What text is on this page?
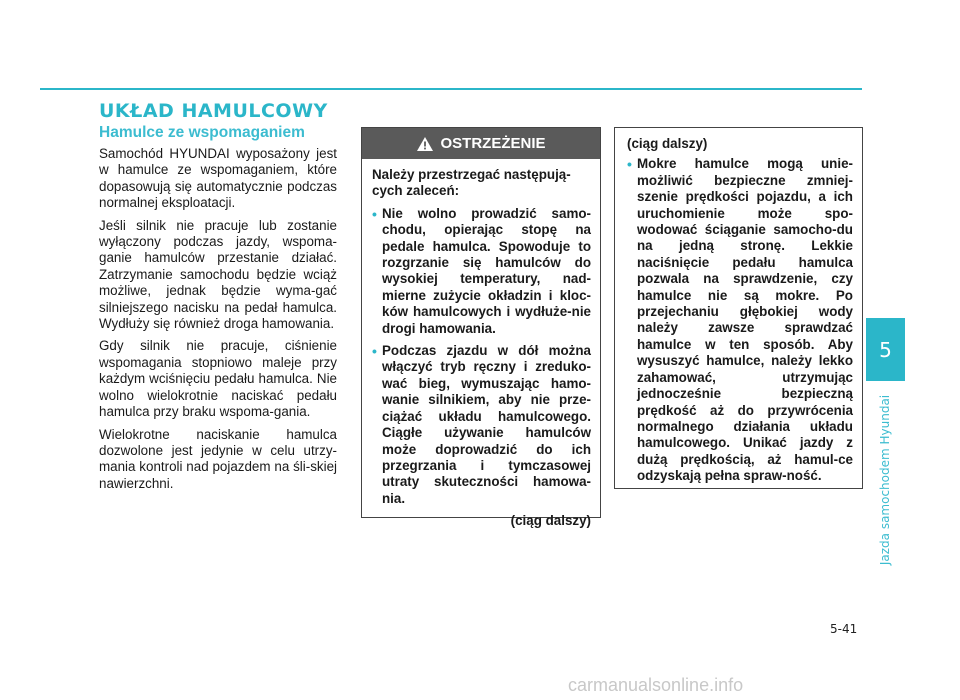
UKŁAD HAMULCOWY
Hamulce ze wspomaganiem

Samochód HYUNDAI wyposażony jest w hamulce ze wspomaganiem, które dopasowują się automatycznie podczas normalnej eksploatacji.

Jeśli silnik nie pracuje lub zostanie wyłączony podczas jazdy, wspoma-ganie hamulców przestanie działać. Zatrzymanie samochodu będzie wciąż możliwe, jednak będzie wyma-gać silniejszego nacisku na pedał hamulca. Wydłuży się również droga hamowania.

Gdy silnik nie pracuje, ciśnienie wspomagania stopniowo maleje przy każdym wciśnięciu pedału hamulca. Nie wolno wielokrotnie naciskać pedału hamulca przy braku wspoma-gania.

Wielokrotne naciskanie hamulca dozwolone jest jedynie w celu utrzy-mania kontroli nad pojazdem na śli-skiej nawierzchni.

OSTRZEŻENIE

Należy przestrzegać następują-cych zaleceń:

• Nie wolno prowadzić samo-chodu, opierając stopę na pedale hamulca. Spowoduje to rozgrzanie się hamulców do wysokiej temperatury, nad-mierne zużycie okładzin i kloc-ków hamulcowych i wydłuże-nie drogi hamowania.
• Podczas zjazdu w dół można włączyć tryb ręczny i zreduko-wać bieg, wymuszając hamo-wanie silnikiem, aby nie prze-ciążać układu hamulcowego. Ciągłe używanie hamulców może doprowadzić do ich przegrzania i tymczasowej utraty skuteczności hamowa-nia.
(ciąg dalszy)

(ciąg dalszy)

• Mokre hamulce mogą unie-możliwić bezpieczne zmniej-szenie prędkości pojazdu, a ich uruchomienie może spo-wodować ściąganie samocho-du na jedną stronę. Lekkie naciśnięcie pedału hamulca pozwala na sprawdzenie, czy hamulce nie są mokre. Po przejechaniu głębokiej wody należy zawsze sprawdzać hamulce w ten sposób. Aby wysuszyć hamulce, należy lekko zahamować, utrzymując jednocześnie bezpieczną prędkość aż do przywrócenia normalnego działania układu hamulcowego. Unikać jazdy z dużą prędkością, aż hamul-ce odzyskają pełna spraw-ność.
5
Jazda samochodem Hyundai
5-41
carmanualsonline.info
